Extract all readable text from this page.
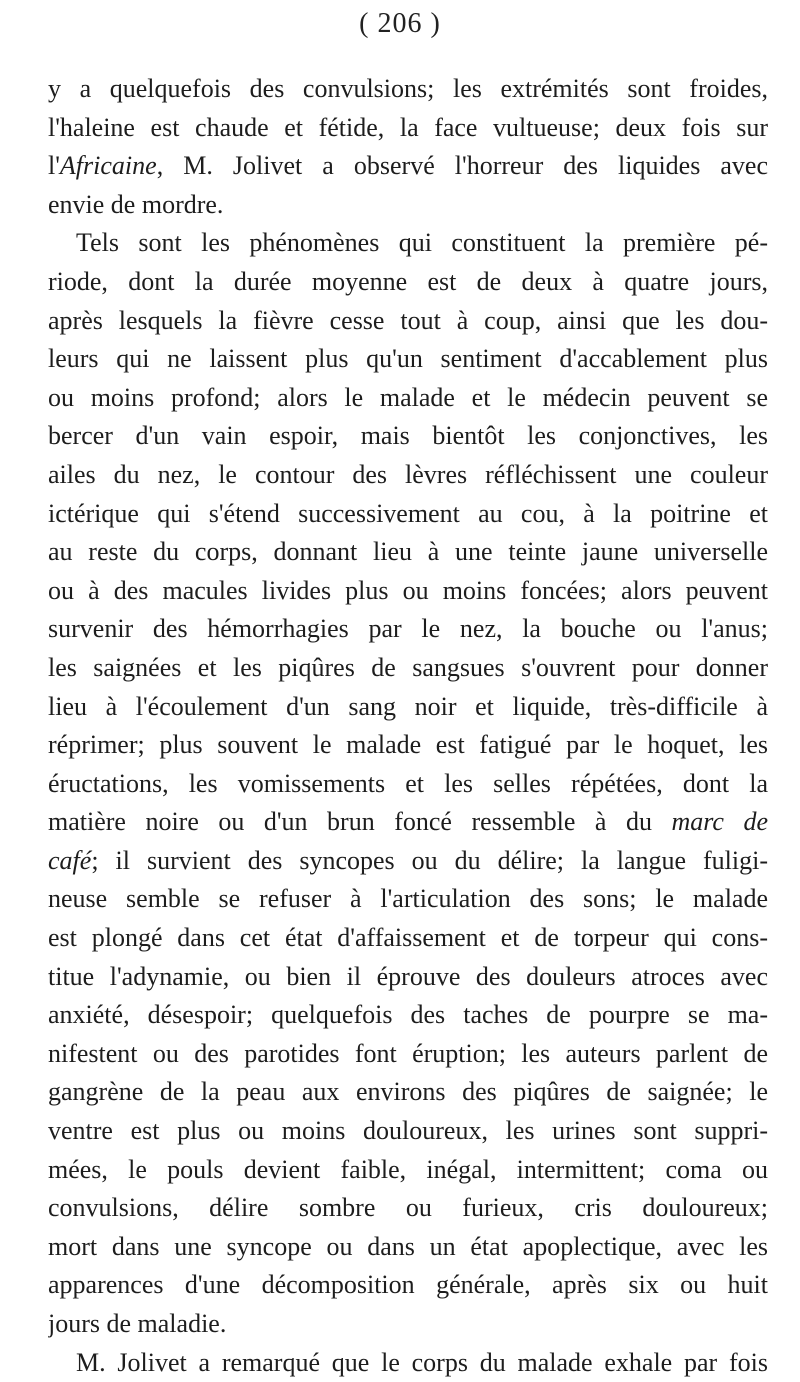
( 206 )
y a quelquefois des convulsions; les extrémités sont froides,
l'haleine est chaude et fétide, la face vultueuse; deux fois sur
l'Africaine, M. Jolivet a observé l'horreur des liquides avec
envie de mordre.
Tels sont les phénomènes qui constituent la première pé-
riode, dont la durée moyenne est de deux à quatre jours,
après lesquels la fièvre cesse tout à coup, ainsi que les dou-
leurs qui ne laissent plus qu'un sentiment d'accablement plus
ou moins profond; alors le malade et le médecin peuvent se
bercer d'un vain espoir, mais bientôt les conjonctives, les
ailes du nez, le contour des lèvres réfléchissent une couleur
ictérique qui s'étend successivement au cou, à la poitrine et
au reste du corps, donnant lieu à une teinte jaune universelle
ou à des macules livides plus ou moins foncées; alors peuvent
survenir des hémorrhagies par le nez, la bouche ou l'anus;
les saignées et les piqûres de sangsues s'ouvrent pour donner
lieu à l'écoulement d'un sang noir et liquide, très-difficile à
réprimer; plus souvent le malade est fatigué par le hoquet, les
éructations, les vomissements et les selles répétées, dont la
matière noire ou d'un brun foncé ressemble à du marc de
café; il survient des syncopes ou du délire; la langue fuligi-
neuse semble se refuser à l'articulation des sons; le malade
est plongé dans cet état d'affaissement et de torpeur qui cons-
titue l'adynamie, ou bien il éprouve des douleurs atroces avec
anxiété, désespoir; quelquefois des taches de pourpre se ma-
nifestent ou des parotides font éruption; les auteurs parlent de
gangrène de la peau aux environs des piqûres de saignée; le
ventre est plus ou moins douloureux, les urines sont suppri-
mées, le pouls devient faible, inégal, intermittent; coma ou
convulsions, délire sombre ou furieux, cris douloureux;
mort dans une syncope ou dans un état apoplectique, avec les
apparences d'une décomposition générale, après six ou huit
jours de maladie.
M. Jolivet a remarqué que le corps du malade exhale par fois
